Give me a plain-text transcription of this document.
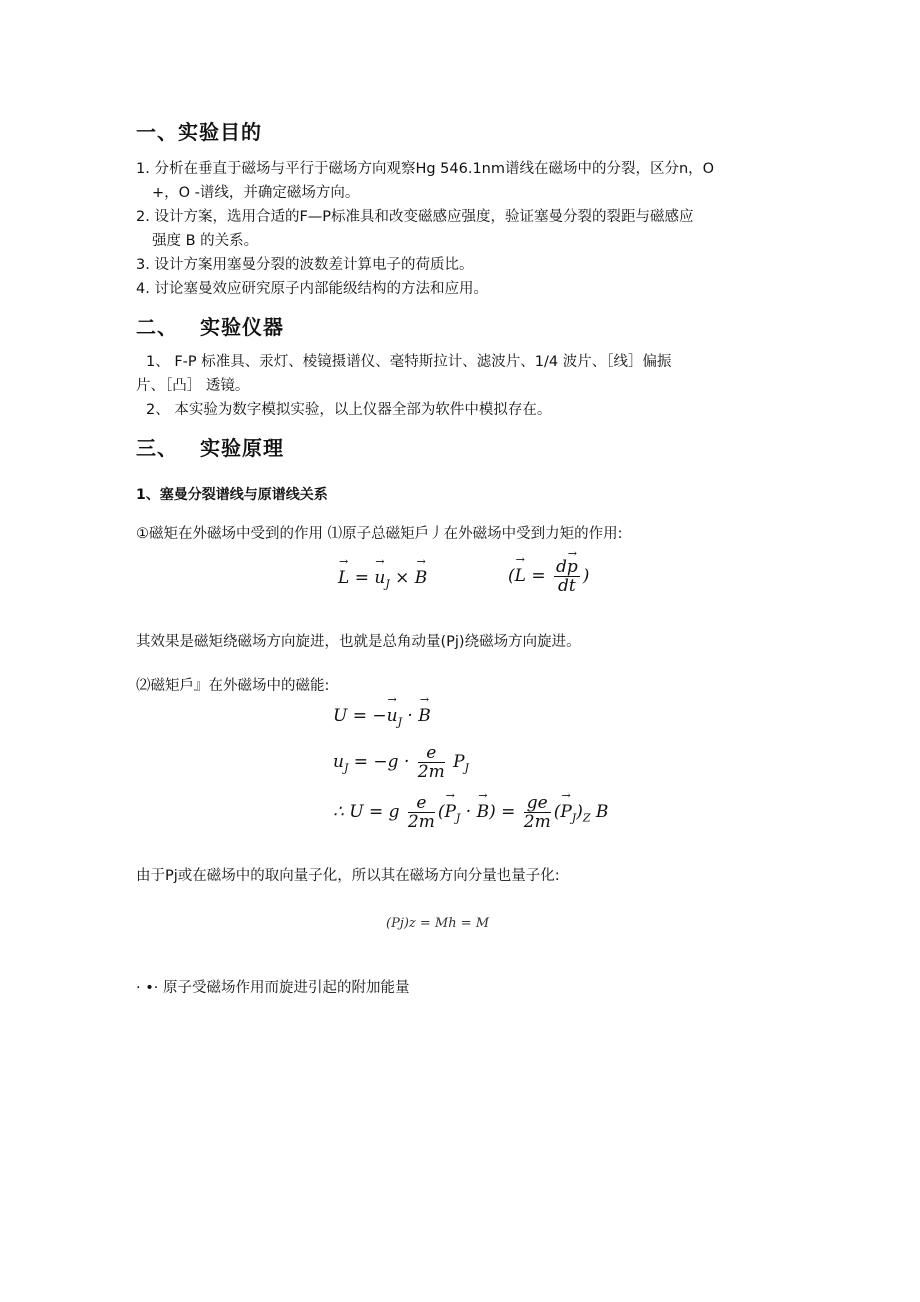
一、实验目的
1. 分析在垂直于磁场与平行于磁场方向观察Hg 546.1nm谱线在磁场中的分裂，区分n，O
+，O -谱线，并确定磁场方向。
2. 设计方案，选用合适的F—P标准具和改变磁感应强度，验证塞曼分裂的裂距与磁感应
强度 B 的关系。
3. 设计方案用塞曼分裂的波数差计算电子的荷质比。
4. 讨论塞曼效应研究原子内部能级结构的方法和应用。
二、 实验仪器
1、 F-P 标准具、汞灯、棱镜摄谱仪、毫特斯拉计、滤波片、1/4 波片、［线］偏振
片、［凸］ 透镜。
2、 本实验为数字模拟实验，以上仪器全部为软件中模拟存在。
三、 实验原理
1、塞曼分裂谱线与原谱线关系
①磁矩在外磁场中受到的作用 ⑴原子总磁矩戶丿在外磁场中受到力矩的作用:
→ L = → $u_J$ × → B	(→ $L = \frac{d\to p}{dt}$ )
其效果是磁矩绕磁场方向旋进，也就是总角动量(Pj)绕磁场方向旋进。
⑵磁矩戶』在外磁场中的磁能:
U = −→ $u_J$ · → B
$u_J = -g \cdot \frac{e}{2m} P_J$
∴ U = g $\frac{e}{2m}$ (→ $P_J$ · → $B) = \frac{ge}{2m}$ (→ $P_J)_Z$ B
由于Pj或在磁场中的取向量子化，所以其在磁场方向分量也量子化:
(Pj)z = Mh = M
· •· 原子受磁场作用而旋进引起的附加能量
